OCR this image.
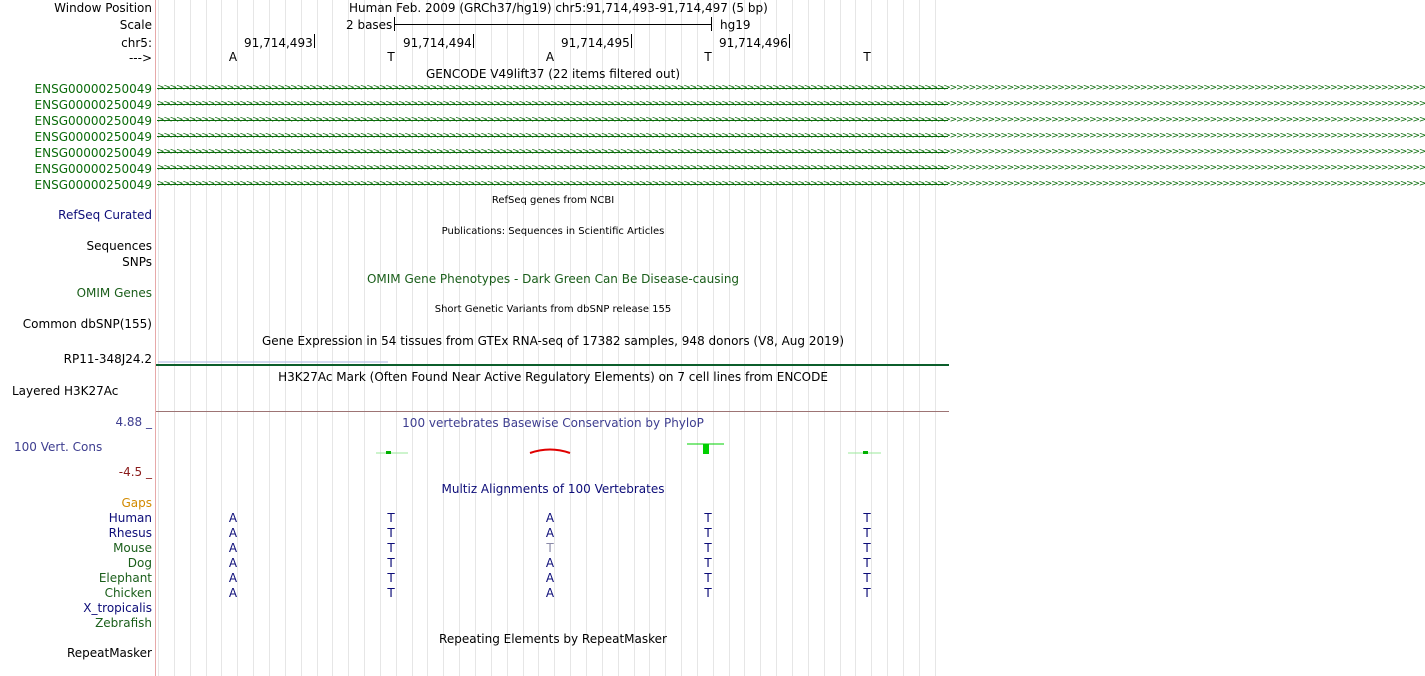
Window Position	Human Feb. 2009 (GRCh37/hg19) chr5:91,714,493-91,714,497 (5 bp)
Scale	2 bases	hg19
chr5:	91,714,493	91,714,494	91,714,495	91,714,496
--->	A	T	A	T	T
GENCODE V49lift37 (22 items filtered out)
ENSG00000250049 >>>>>>>>>>>>>>>>>>>>>>>>>>>>>>>>>>>>>>>>>>>>>>>>>>>>>>>>>>>>>>>>>>>>>>>>>>>>>>>>>>>>>>>>>>>>>>>>>>>>>>>>>>>>>>>>>>>>>>>>>>>>>>>>>>>>>>>>>>>>>>>>>>>>>>>>>>>>>>>>>>>>>>>>>>>>>>>>>>>>>>>>>>>>>>>>>>>>>>>>
ENSG00000250049 >>>>>>>>>>>>>>>>>>>>>>>>>>>>>>>>>>>>>>>>>>>>>>>>>>>>>>>>>>>>>>>>>>>>>>>>>>>>>>>>>>>>>>>>>>>>>>>>>>>>>>>>>>>>>>>>>>>>>>>>>>>>>>>>>>>>>>>>>>>>>>>>>>>>>>>>>>>>>>>>>>>>>>>>>>>>>>>>>>>>>>>>>>>>>>>>>>>>>>>>
ENSG00000250049 >>>>>>>>>>>>>>>>>>>>>>>>>>>>>>>>>>>>>>>>>>>>>>>>>>>>>>>>>>>>>>>>>>>>>>>>>>>>>>>>>>>>>>>>>>>>>>>>>>>>>>>>>>>>>>>>>>>>>>>>>>>>>>>>>>>>>>>>>>>>>>>>>>>>>>>>>>>>>>>>>>>>>>>>>>>>>>>>>>>>>>>>>>>>>>>>>>>>>>>>
ENSG00000250049 >>>>>>>>>>>>>>>>>>>>>>>>>>>>>>>>>>>>>>>>>>>>>>>>>>>>>>>>>>>>>>>>>>>>>>>>>>>>>>>>>>>>>>>>>>>>>>>>>>>>>>>>>>>>>>>>>>>>>>>>>>>>>>>>>>>>>>>>>>>>>>>>>>>>>>>>>>>>>>>>>>>>>>>>>>>>>>>>>>>>>>>>>>>>>>>>>>>>>>>>
ENSG00000250049 >>>>>>>>>>>>>>>>>>>>>>>>>>>>>>>>>>>>>>>>>>>>>>>>>>>>>>>>>>>>>>>>>>>>>>>>>>>>>>>>>>>>>>>>>>>>>>>>>>>>>>>>>>>>>>>>>>>>>>>>>>>>>>>>>>>>>>>>>>>>>>>>>>>>>>>>>>>>>>>>>>>>>>>>>>>>>>>>>>>>>>>>>>>>>>>>>>>>>>>>
ENSG00000250049 >>>>>>>>>>>>>>>>>>>>>>>>>>>>>>>>>>>>>>>>>>>>>>>>>>>>>>>>>>>>>>>>>>>>>>>>>>>>>>>>>>>>>>>>>>>>>>>>>>>>>>>>>>>>>>>>>>>>>>>>>>>>>>>>>>>>>>>>>>>>>>>>>>>>>>>>>>>>>>>>>>>>>>>>>>>>>>>>>>>>>>>>>>>>>>>>>>>>>>>>
ENSG00000250049 >>>>>>>>>>>>>>>>>>>>>>>>>>>>>>>>>>>>>>>>>>>>>>>>>>>>>>>>>>>>>>>>>>>>>>>>>>>>>>>>>>>>>>>>>>>>>>>>>>>>>>>>>>>>>>>>>>>>>>>>>>>>>>>>>>>>>>>>>>>>>>>>>>>>>>>>>>>>>>>>>>>>>>>>>>>>>>>>>>>>>>>>>>>>>>>>>>>>>>>>
RefSeq genes from NCBI
RefSeq Curated
Publications: Sequences in Scientific Articles
Sequences
SNPs
OMIM Gene Phenotypes - Dark Green Can Be Disease-causing
OMIM Genes
Short Genetic Variants from dbSNP release 155
Common dbSNP(155)
Gene Expression in 54 tissues from GTEx RNA-seq of 17382 samples, 948 donors (V8, Aug 2019)
RP11-348J24.2
H3K27Ac Mark (Often Found Near Active Regulatory Elements) on 7 cell lines from ENCODE
Layered H3K27Ac
100 vertebrates Basewise Conservation by PhyloP
4.88 _
100 Vert. Cons
-4.5 _
Multiz Alignments of 100 Vertebrates
Gaps
Human	A	T	A	T	T
Rhesus	A	T	A	T	T
Mouse	A	T	T	T	T
Dog	A	T	A	T	T
Elephant	A	T	A	T	T
Chicken	A	T	A	T	T
X_tropicalis
Zebrafish
Repeating Elements by RepeatMasker
RepeatMasker
